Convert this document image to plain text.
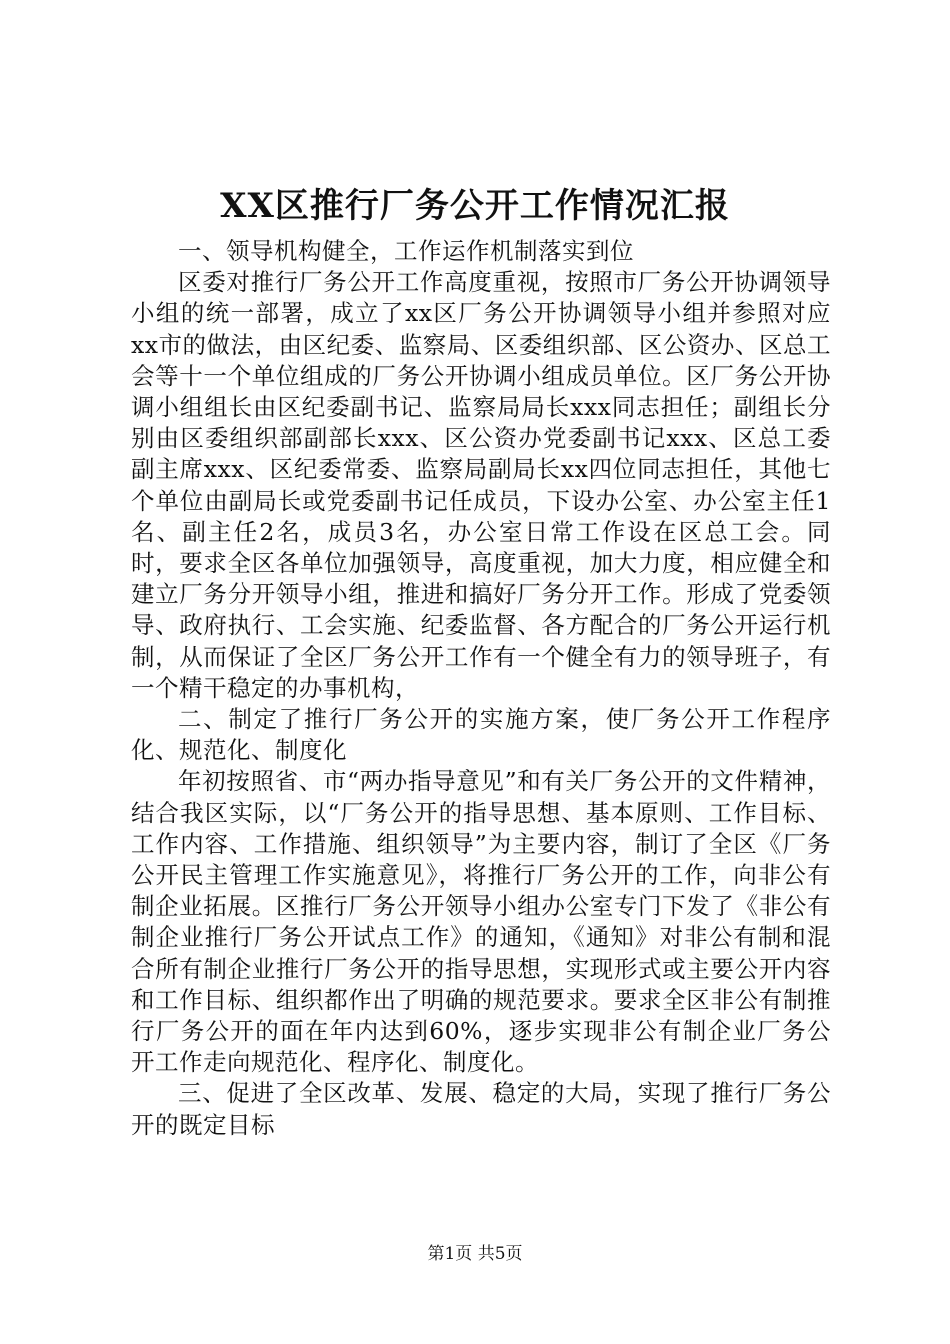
XX区推行厂务公开工作情况汇报

一、领导机构健全，工作运作机制落实到位

区委对推行厂务公开工作高度重视，按照市厂务公开协调领导小组的统一部署，成立了xx区厂务公开协调领导小组并参照对应xx市的做法，由区纪委、监察局、区委组织部、区公资办、区总工会等十一个单位组成的厂务公开协调小组成员单位。区厂务公开协调小组组长由区纪委副书记、监察局局长xxx同志担任；副组长分别由区委组织部副部长xxx、区公资办党委副书记xxx、区总工委副主席xxx、区纪委常委、监察局副局长xx四位同志担任，其他七个单位由副局长或党委副书记任成员，下设办公室、办公室主任1名、副主任2名，成员3名，办公室日常工作设在区总工会。同时，要求全区各单位加强领导，高度重视，加大力度，相应健全和建立厂务分开领导小组，推进和搞好厂务分开工作。形成了党委领导、政府执行、工会实施、纪委监督、各方配合的厂务公开运行机制，从而保证了全区厂务公开工作有一个健全有力的领导班子，有一个精干稳定的办事机构，

二、制定了推行厂务公开的实施方案，使厂务公开工作程序化、规范化、制度化

年初按照省、市“两办指导意见”和有关厂务公开的文件精神，结合我区实际，以“厂务公开的指导思想、基本原则、工作目标、工作内容、工作措施、组织领导”为主要内容，制订了全区《厂务公开民主管理工作实施意见》，将推行厂务公开的工作，向非公有制企业拓展。区推行厂务公开领导小组办公室专门下发了《非公有制企业推行厂务公开试点工作》的通知，《通知》对非公有制和混合所有制企业推行厂务公开的指导思想，实现形式或主要公开内容和工作目标、组织都作出了明确的规范要求。要求全区非公有制推行厂务公开的面在年内达到60%，逐步实现非公有制企业厂务公开工作走向规范化、程序化、制度化。

三、促进了全区改革、发展、稳定的大局，实现了推行厂务公开的既定目标

第1页 共5页
